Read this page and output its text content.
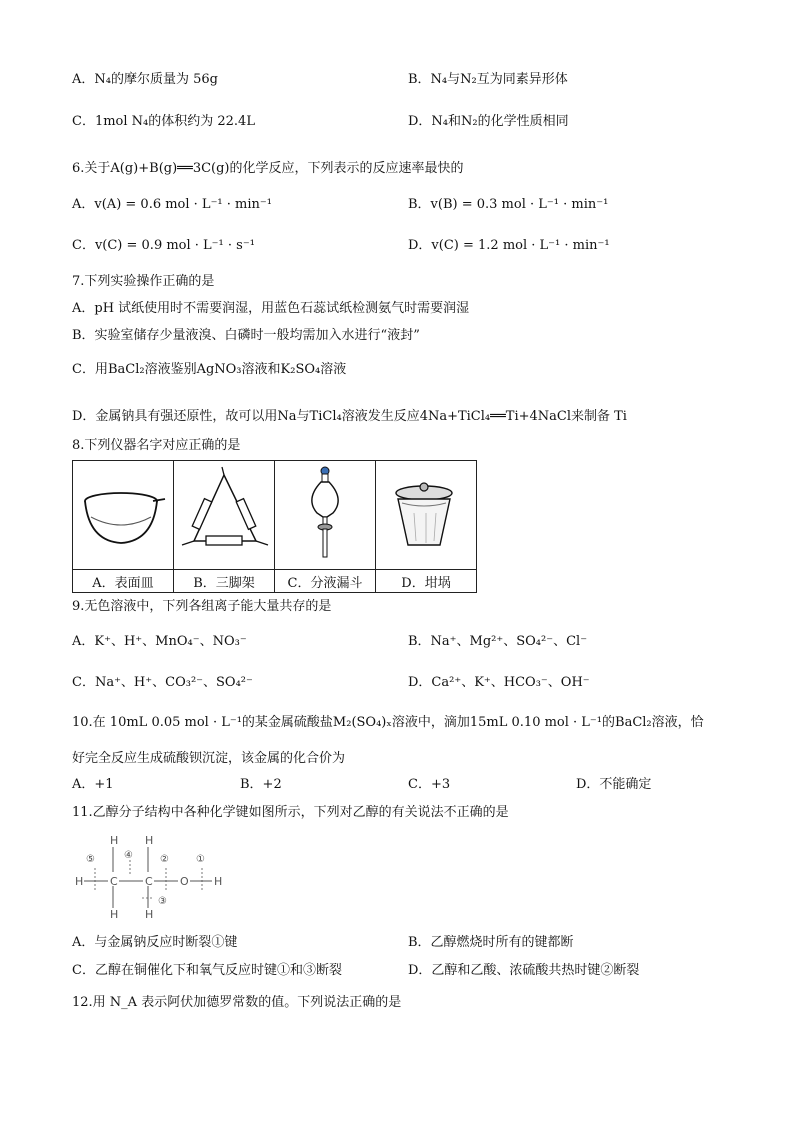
A．N₄的摩尔质量为 56g	B．N₄与N₂互为同素异形体
C．1mol N₄的体积约为 22.4L	D．N₄和N₂的化学性质相同
6.关于A(g)+B(g)══3C(g)的化学反应，下列表示的反应速率最快的
A．v(A) = 0.6 mol · L⁻¹ · min⁻¹	B．v(B) = 0.3 mol · L⁻¹ · min⁻¹
C．v(C) = 0.9 mol · L⁻¹ · s⁻¹	D．v(C) = 1.2 mol · L⁻¹ · min⁻¹
7.下列实验操作正确的是
A．pH 试纸使用时不需要润湿，用蓝色石蕊试纸检测氨气时需要润湿
B．实验室储存少量液溴、白磷时一般均需加入水进行“液封”
C．用BaCl₂溶液鉴别AgNO₃溶液和K₂SO₄溶液
D．金属钠具有强还原性，故可以用Na与TiCl₄溶液发生反应4Na+TiCl₄══Ti+4NaCl来制备 Ti
8.下列仪器名字对应正确的是

A．表面皿	B．三脚架	C．分液漏斗	D．坩埚
9.无色溶液中，下列各组离子能大量共存的是
A．K⁺、H⁺、MnO₄⁻、NO₃⁻	B．Na⁺、Mg²⁺、SO₄²⁻、Cl⁻
C．Na⁺、H⁺、CO₃²⁻、SO₄²⁻	D．Ca²⁺、K⁺、HCO₃⁻、OH⁻
10.在 10mL 0.05 mol · L⁻¹的某金属硫酸盐M₂(SO₄)ₓ溶液中，滴加15mL 0.10 mol · L⁻¹的BaCl₂溶液，恰
好完全反应生成硫酸钡沉淀，该金属的化合价为
A．+1	B．+2	C．+3	D．不能确定
11.乙醇分子结构中各种化学键如图所示，下列对乙醇的有关说法不正确的是
H C C O H
H H
H H
⑤	④	②	①
③
A．与金属钠反应时断裂①键	B．乙醇燃烧时所有的键都断
C．乙醇在铜催化下和氧气反应时键①和③断裂	D．乙醇和乙酸、浓硫酸共热时键②断裂
12.用 N_A 表示阿伏加德罗常数的值。下列说法正确的是
